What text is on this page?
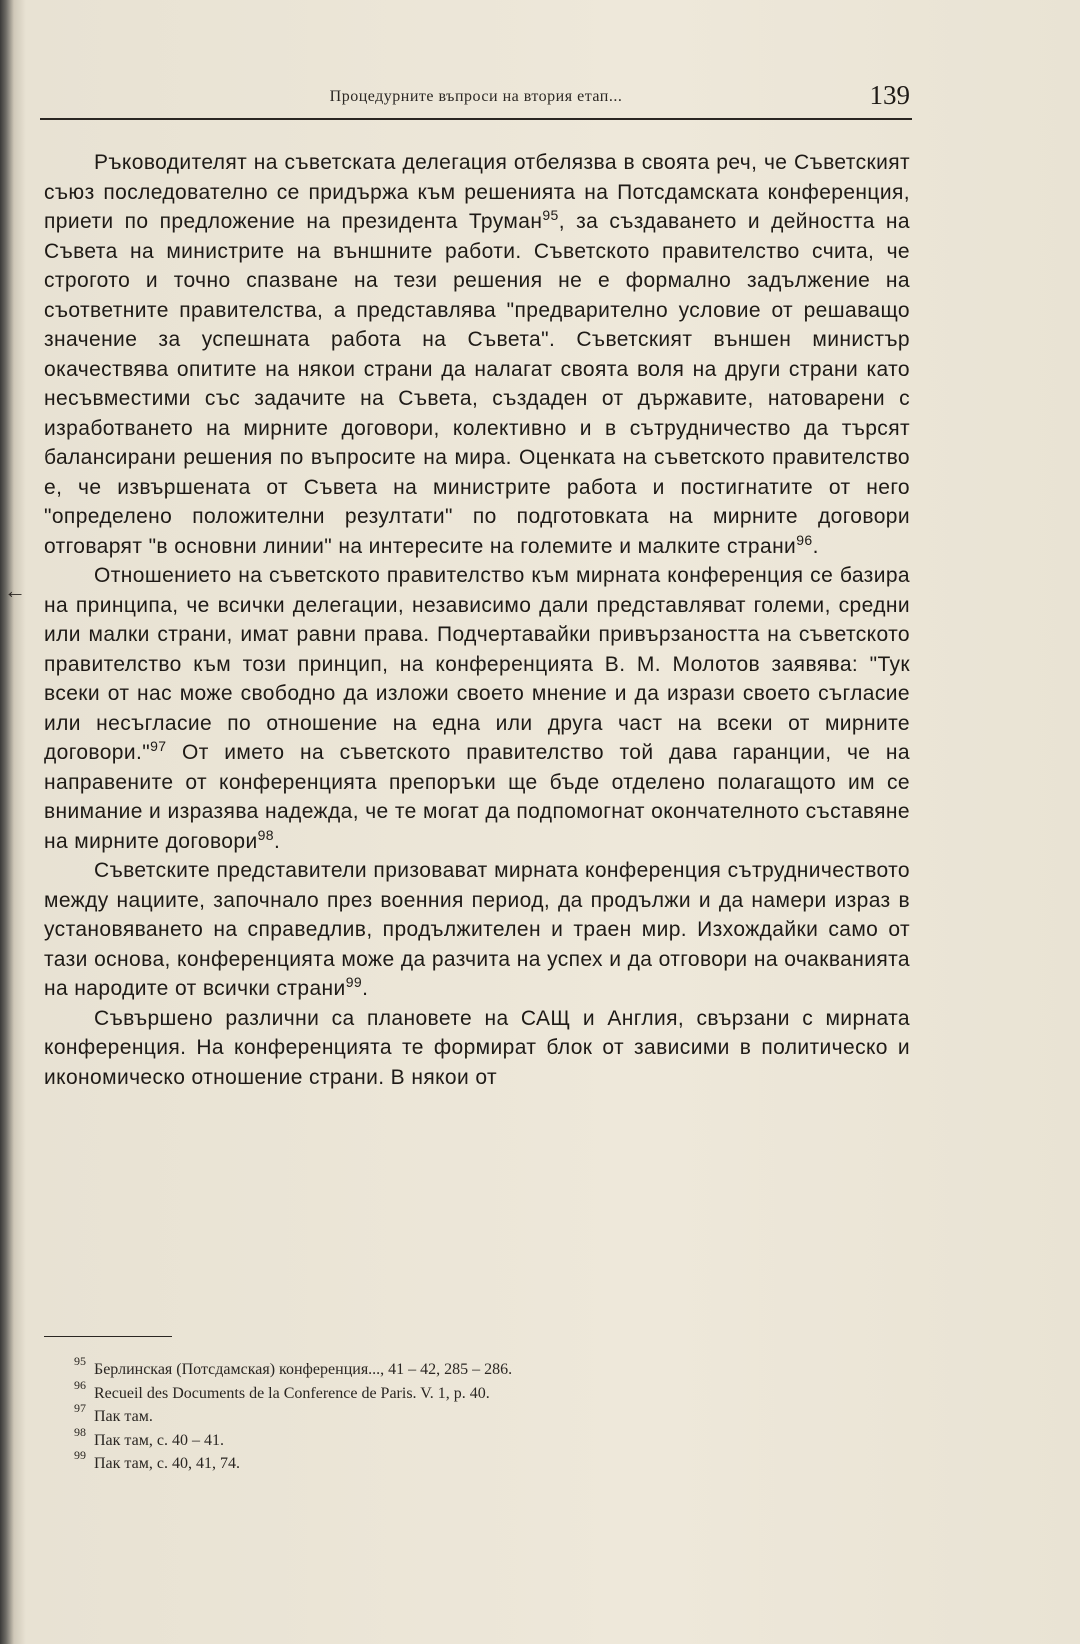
Процедурните въпроси на втория етап...	139
←

Ръководителят на съветската делегация отбелязва в своята реч, че Съветският съюз последователно се придържа към решенията на Потсдамската конференция, приети по предложение на президента Труман$^{95}$, за създаването и дейността на Съвета на министрите на външните работи. Съветското правителство счита, че строгото и точно спазване на тези решения не е формално задължение на съответните правителства, а представлява "предварително условие от решаващо значение за успешната работа на Съвета". Съветският външен министър окачествява опитите на някои страни да налагат своята воля на други страни като несъвместими със задачите на Съвета, създаден от държавите, натоварени с изработването на мирните договори, колективно и в сътрудничество да търсят балансирани решения по въпросите на мира. Оценката на съветското правителство е, че извършената от Съвета на министрите работа и постигнатите от него "определено положителни резултати" по подготовката на мирните договори отговарят "в основни линии" на интересите на големите и малките страни$^{96}$.

Отношението на съветското правителство към мирната конференция се базира на принципа, че всички делегации, независимо дали представляват големи, средни или малки страни, имат равни права. Подчертавайки привързаността на съветското правителство към този принцип, на конференцията В. М. Молотов заявява: "Тук всеки от нас може свободно да изложи своето мнение и да изрази своето съгласие или несъгласие по отношение на една или друга част на всеки от мирните договори."$^{97}$ От името на съветското правителство той дава гаранции, че на направените от конференцията препоръки ще бъде отделено полагащото им се внимание и изразява надежда, че те могат да подпомогнат окончателното съставяне на мирните договори$^{98}$.

Съветските представители призовават мирната конференция сътрудничеството между нациите, започнало през военния период, да продължи и да намери израз в установяването на справедлив, продължителен и траен мир. Изхождайки само от тази основа, конференцията може да разчита на успех и да отговори на очакванията на народите от всички страни$^{99}$.

Съвършено различни са плановете на САЩ и Англия, свързани с мирната конференция. На конференцията те формират блок от зависими в политическо и икономическо отношение страни. В някои от

95 Берлинская (Потсдамская) конференция..., 41 – 42, 285 – 286.
96 Recueil des Documents de la Conference de Paris. V. 1, p. 40.
97 Пак там.
98 Пак там, с. 40 – 41.
99 Пак там, с. 40, 41, 74.
